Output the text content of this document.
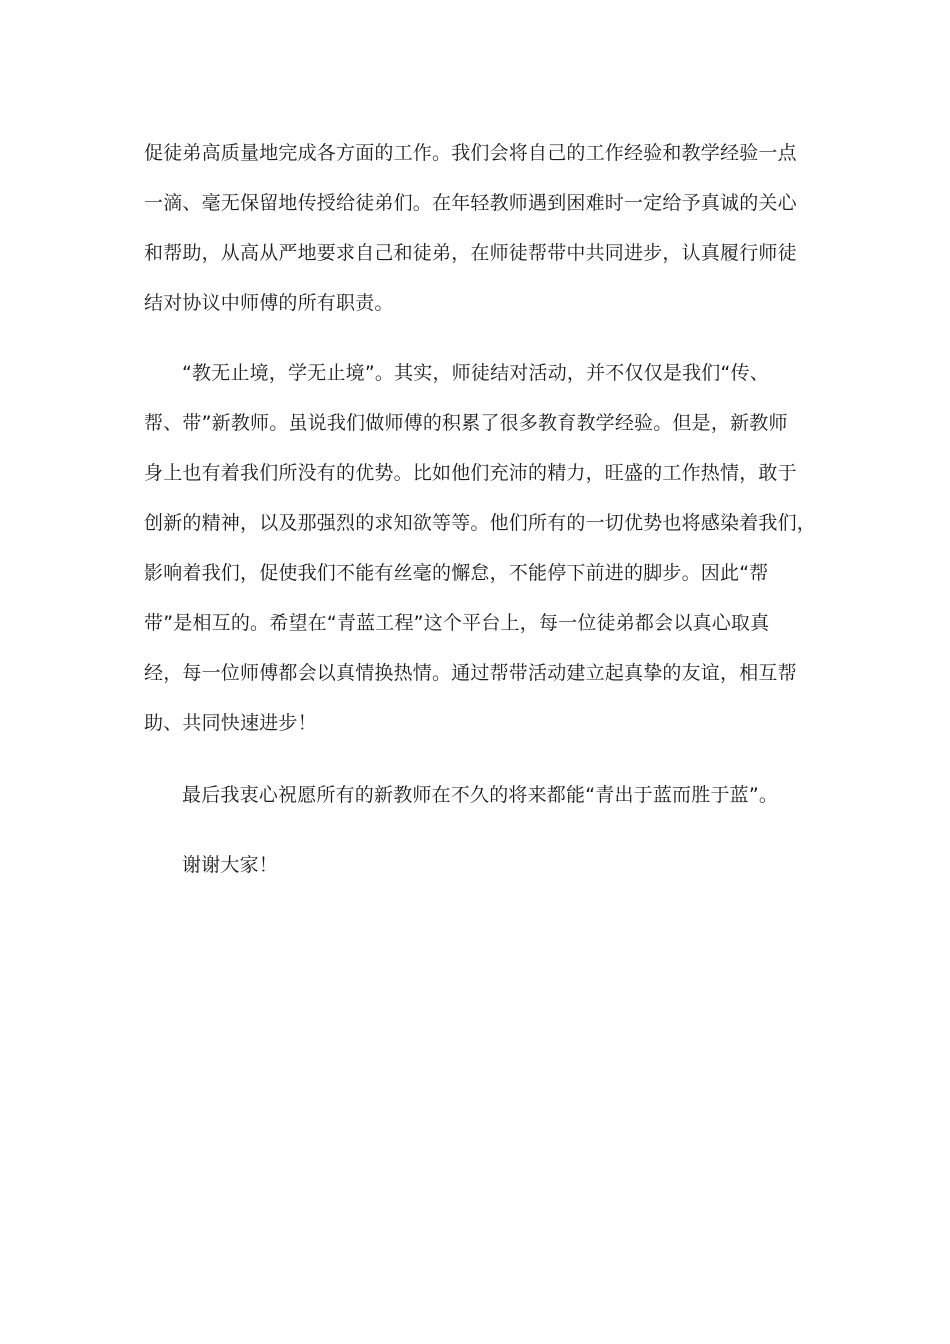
促徒弟高质量地完成各方面的工作。我们会将自己的工作经验和教学经验一点
一滴、毫无保留地传授给徒弟们。在年轻教师遇到困难时一定给予真诚的关心
和帮助，从高从严地要求自己和徒弟，在师徒帮带中共同进步，认真履行师徒
结对协议中师傅的所有职责。
“教无止境，学无止境”。其实，师徒结对活动，并不仅仅是我们“传、
帮、带”新教师。虽说我们做师傅的积累了很多教育教学经验。但是，新教师
身上也有着我们所没有的优势。比如他们充沛的精力，旺盛的工作热情，敢于
创新的精神，以及那强烈的求知欲等等。他们所有的一切优势也将感染着我们，
影响着我们，促使我们不能有丝毫的懈怠，不能停下前进的脚步。因此“帮
带”是相互的。希望在“青蓝工程”这个平台上，每一位徒弟都会以真心取真
经，每一位师傅都会以真情换热情。通过帮带活动建立起真挚的友谊，相互帮
助、共同快速进步！
最后我衷心祝愿所有的新教师在不久的将来都能“青出于蓝而胜于蓝”。
谢谢大家！
